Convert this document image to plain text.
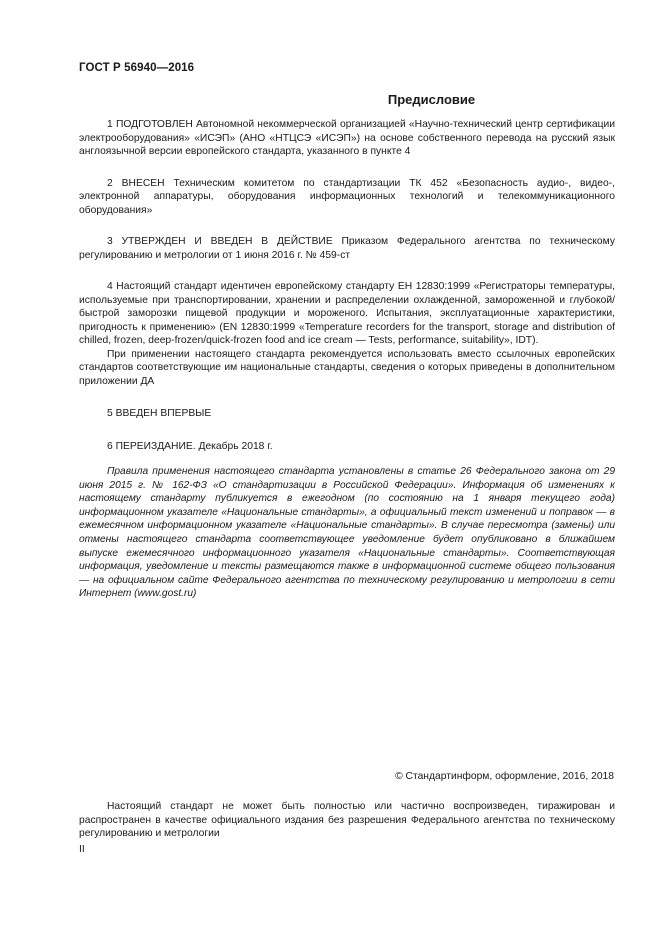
ГОСТ Р 56940—2016
Предисловие

1 ПОДГОТОВЛЕН Автономной некоммерческой организацией «Научно-технический центр сертификации электрооборудования» «ИСЭП» (АНО «НТЦСЭ «ИСЭП») на основе собственного перевода на русский язык англоязычной версии европейского стандарта, указанного в пункте 4

2 ВНЕСЕН Техническим комитетом по стандартизации ТК 452 «Безопасность аудио-, видео-, электронной аппаратуры, оборудования информационных технологий и телекоммуникационного оборудования»

3 УТВЕРЖДЕН И ВВЕДЕН В ДЕЙСТВИЕ Приказом Федерального агентства по техническому регулированию и метрологии от 1 июня 2016 г. № 459-ст

4 Настоящий стандарт идентичен европейскому стандарту ЕН 12830:1999 «Регистраторы температуры, используемые при транспортировании, хранении и распределении охлажденной, замороженной и глубокой/быстрой заморозки пищевой продукции и мороженого. Испытания, эксплуатационные характеристики, пригодность к применению» (EN 12830:1999 «Temperature recorders for the transport, storage and distribution of chilled, frozen, deep-frozen/quick-frozen food and ice cream — Tests, performance, suitability», IDT).

При применении настоящего стандарта рекомендуется использовать вместо ссылочных европейских стандартов соответствующие им национальные стандарты, сведения о которых приведены в дополнительном приложении ДА

5 ВВЕДЕН ВПЕРВЫЕ

6 ПЕРЕИЗДАНИЕ. Декабрь 2018 г.

Правила применения настоящего стандарта установлены в статье 26 Федерального закона от 29 июня 2015 г. № 162-ФЗ «О стандартизации в Российской Федерации». Информация об изменениях к настоящему стандарту публикуется в ежегодном (по состоянию на 1 января текущего года) информационном указателе «Национальные стандарты», а официальный текст изменений и поправок — в ежемесячном информационном указателе «Национальные стандарты». В случае пересмотра (замены) или отмены настоящего стандарта соответствующее уведомление будет опубликовано в ближайшем выпуске ежемесячного информационного указателя «Национальные стандарты». Соответствующая информация, уведомление и тексты размещаются также в информационной системе общего пользования — на официальном сайте Федерального агентства по техническому регулированию и метрологии в сети Интернет (www.gost.ru)

© Стандартинформ, оформление, 2016, 2018

Настоящий стандарт не может быть полностью или частично воспроизведен, тиражирован и распространен в качестве официального издания без разрешения Федерального агентства по техническому регулированию и метрологии

II
